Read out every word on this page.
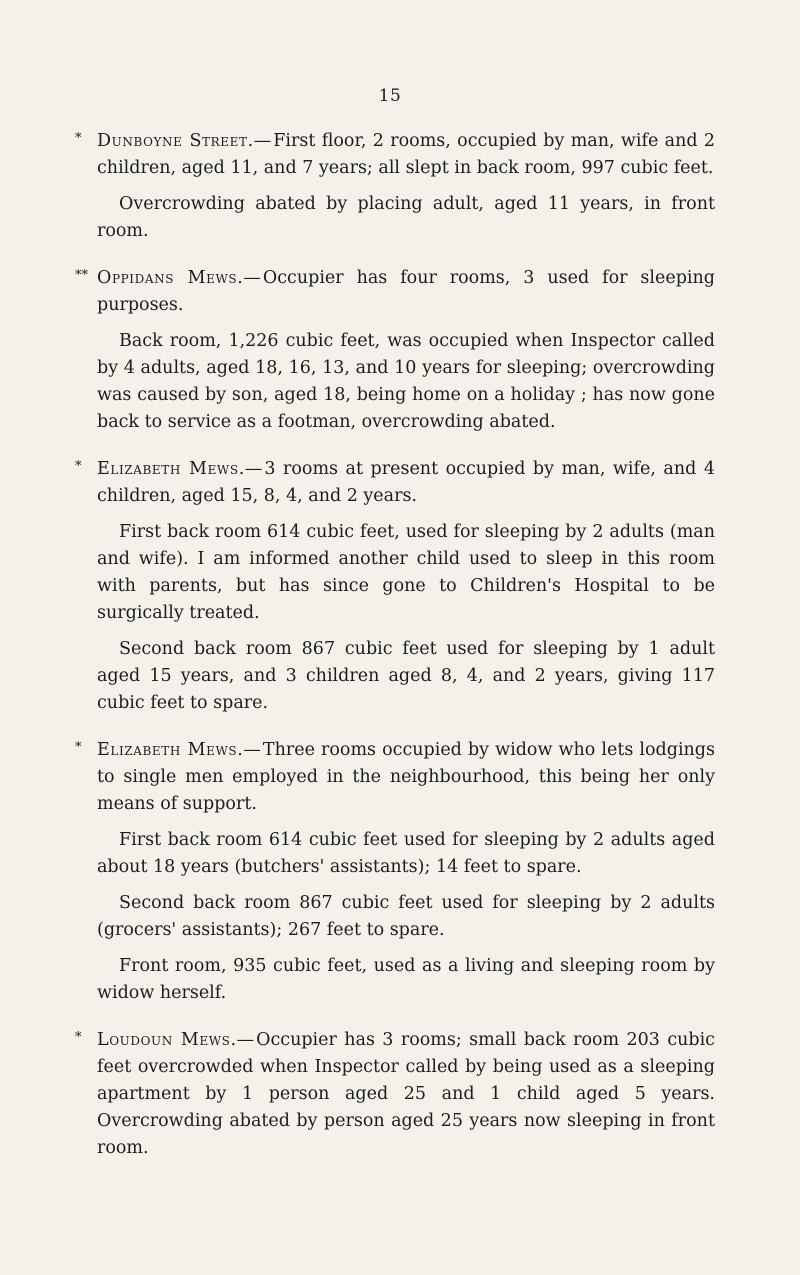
15

* Dunboyne Street.— First floor, 2 rooms, occupied by man, wife and 2 children, aged 11, and 7 years; all slept in back room, 997 cubic feet.

Overcrowding abated by placing adult, aged 11 years, in front room.

** Oppidans Mews.— Occupier has four rooms, 3 used for sleeping purposes.

Back room, 1,226 cubic feet, was occupied when Inspector called by 4 adults, aged 18, 16, 13, and 10 years for sleeping; overcrowding was caused by son, aged 18, being home on a holiday ; has now gone back to service as a footman, overcrowding abated.

* Elizabeth Mews.— 3 rooms at present occupied by man, wife, and 4 children, aged 15, 8, 4, and 2 years.

First back room 614 cubic feet, used for sleeping by 2 adults (man and wife). I am informed another child used to sleep in this room with parents, but has since gone to Children's Hospital to be surgically treated.

Second back room 867 cubic feet used for sleeping by 1 adult aged 15 years, and 3 children aged 8, 4, and 2 years, giving 117 cubic feet to spare.

* Elizabeth Mews.— Three rooms occupied by widow who lets lodgings to single men employed in the neighbourhood, this being her only means of support.

First back room 614 cubic feet used for sleeping by 2 adults aged about 18 years (butchers' assistants); 14 feet to spare.

Second back room 867 cubic feet used for sleeping by 2 adults (grocers' assistants); 267 feet to spare.

Front room, 935 cubic feet, used as a living and sleeping room by widow herself.

* Loudoun Mews.— Occupier has 3 rooms; small back room 203 cubic feet overcrowded when Inspector called by being used as a sleeping apartment by 1 person aged 25 and 1 child aged 5 years. Overcrowding abated by person aged 25 years now sleeping in front room.
